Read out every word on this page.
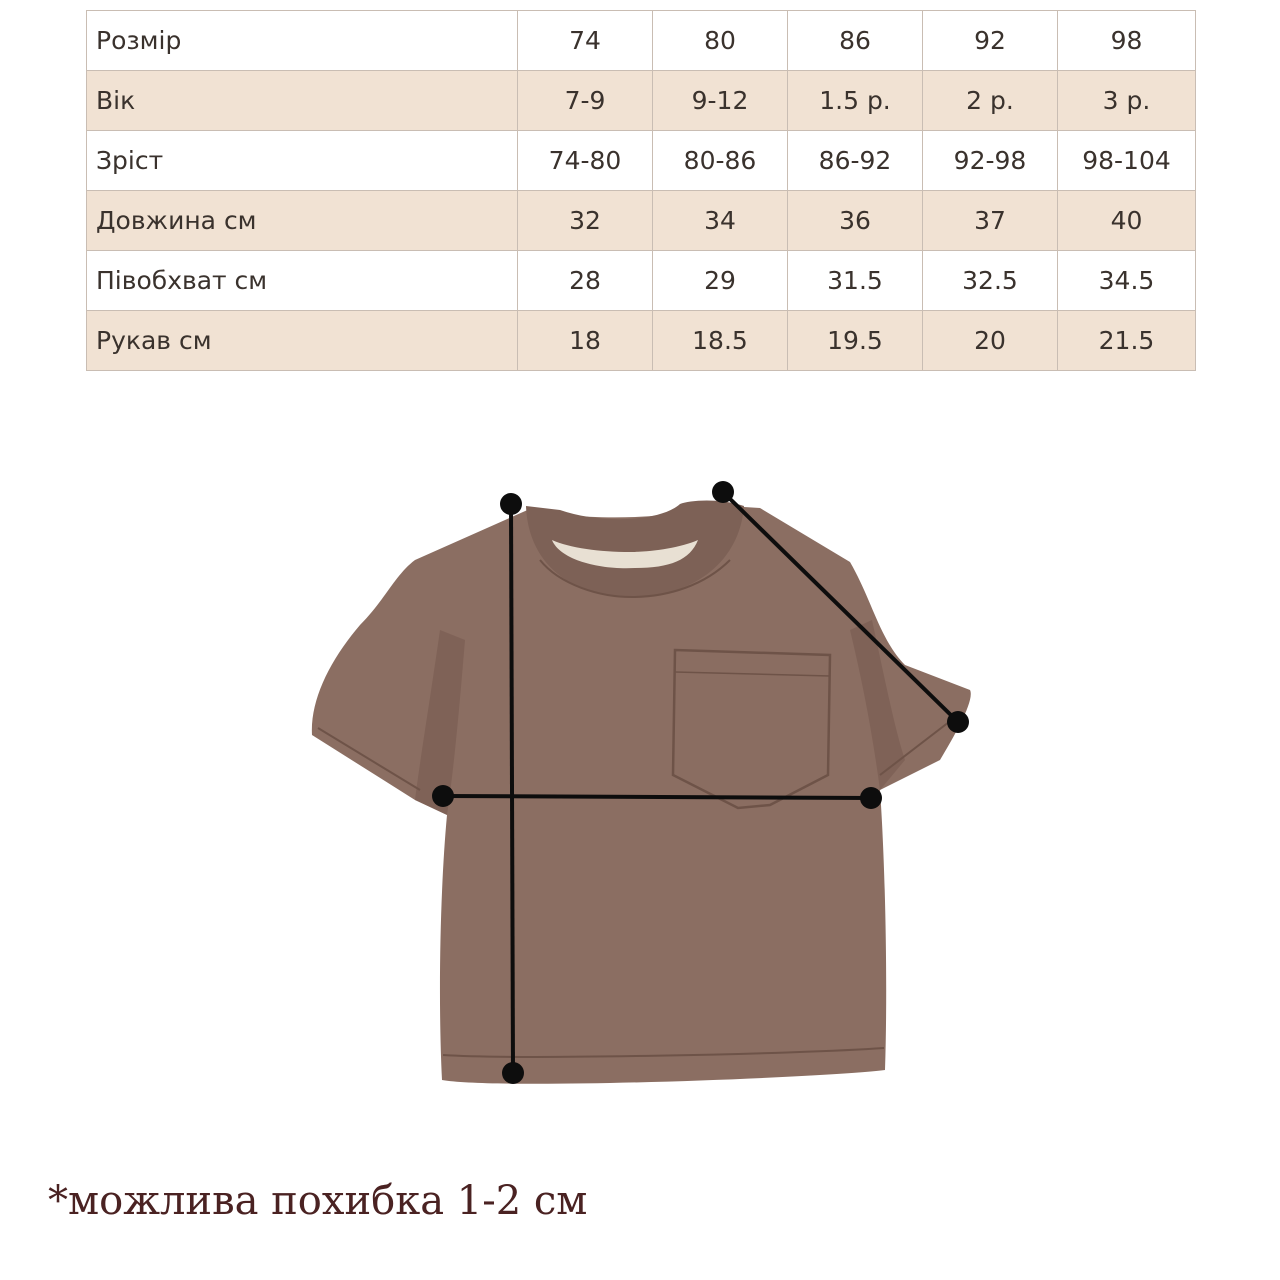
Розмір	74	80	86	92	98
Вік	7-9	9-12	1.5 р.	2 р.	3 р.
Зріст	74-80	80-86	86-92	92-98	98-104
Довжина см	32	34	36	37	40
Півобхват см	28	29	31.5	32.5	34.5
Рукав см	18	18.5	19.5	20	21.5

*можлива похибка 1-2 см
